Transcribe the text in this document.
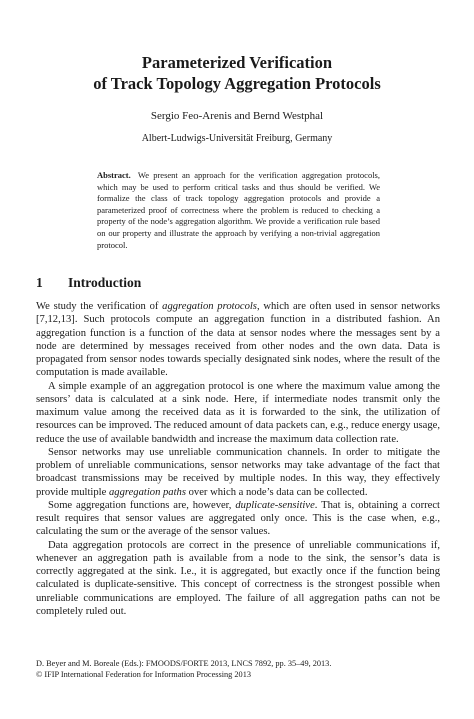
Parameterized Verification
of Track Topology Aggregation Protocols
Sergio Feo-Arenis and Bernd Westphal
Albert-Ludwigs-Universität Freiburg, Germany
Abstract. We present an approach for the verification aggregation protocols, which may be used to perform critical tasks and thus should be verified. We formalize the class of track topology aggregation protocols and provide a parameterized proof of correctness where the problem is reduced to checking a property of the node’s aggregation algorithm. We provide a verification rule based on our property and illustrate the approach by verifying a non-trivial aggregation protocol.
1 Introduction

We study the verification of aggregation protocols, which are often used in sensor networks [7,12,13]. Such protocols compute an aggregation function in a distributed fashion. An aggregation function is a function of the data at sensor nodes where the messages sent by a node are determined by messages received from other nodes and the own data. Data is propagated from sensor nodes towards specially designated sink nodes, where the result of the computation is made available.

A simple example of an aggregation protocol is one where the maximum value among the sensors’ data is calculated at a sink node. Here, if intermediate nodes transmit only the maximum value among the received data as it is forwarded to the sink, the utilization of resources can be improved. The reduced amount of data packets can, e.g., reduce energy usage, reduce the use of available bandwidth and increase the maximum data collection rate.

Sensor networks may use unreliable communication channels. In order to mitigate the problem of unreliable communications, sensor networks may take advantage of the fact that broadcast transmissions may be received by multiple nodes. In this way, they effectively provide multiple aggregation paths over which a node’s data can be collected.

Some aggregation functions are, however, duplicate-sensitive. That is, obtaining a correct result requires that sensor values are aggregated only once. This is the case when, e.g., calculating the sum or the average of the sensor values.

Data aggregation protocols are correct in the presence of unreliable communications if, whenever an aggregation path is available from a node to the sink, the sensor’s data is correctly aggregated at the sink. I.e., it is aggregated, but exactly once if the function being calculated is duplicate-sensitive. This concept of correctness is the strongest possible when unreliable communications are employed. The failure of all aggregation paths can not be completely ruled out.

D. Beyer and M. Boreale (Eds.): FMOODS/FORTE 2013, LNCS 7892, pp. 35–49, 2013.
© IFIP International Federation for Information Processing 2013
